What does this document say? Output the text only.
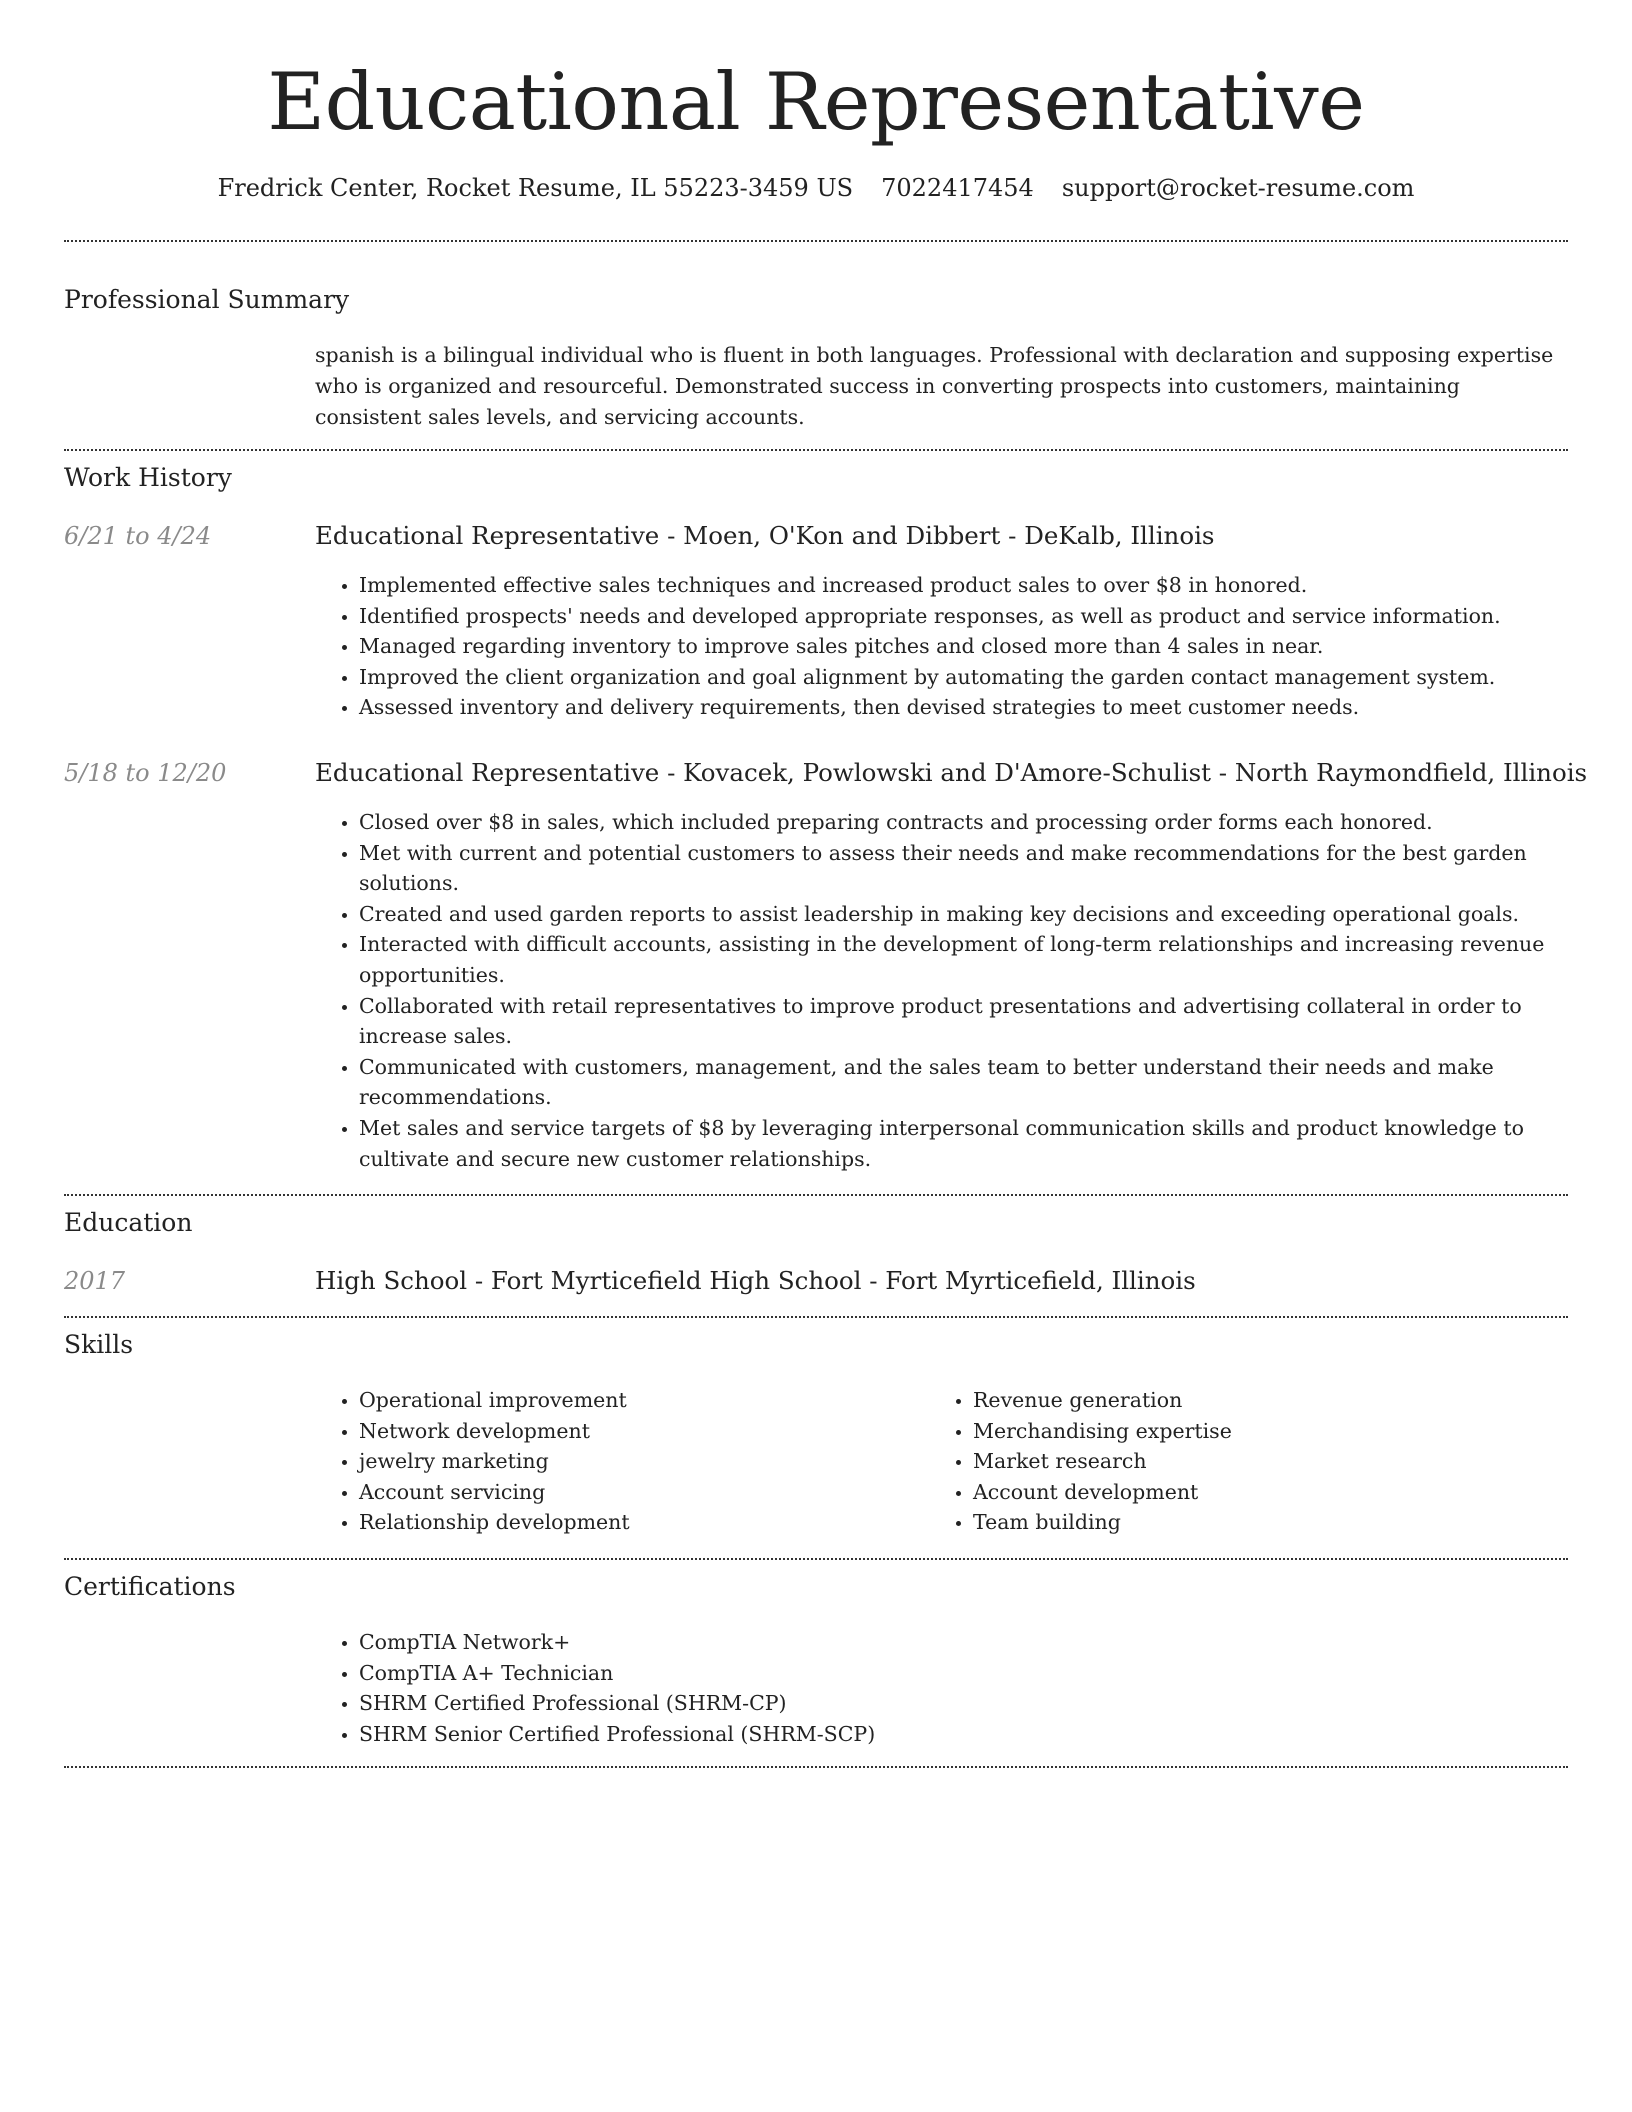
Educational Representative
Fredrick Center, Rocket Resume, IL 55223-3459 US 7022417454 support@rocket-resume.com
Professional Summary

spanish is a bilingual individual who is fluent in both languages. Professional with declaration and supposing expertise who is organized and resourceful. Demonstrated success in converting prospects into customers, maintaining consistent sales levels, and servicing accounts.

Work History
6/21 to 4/24	Educational Representative - Moen, O'Kon and Dibbert - DeKalb, Illinois
• Implemented effective sales techniques and increased product sales to over $8 in honored.
• Identified prospects' needs and developed appropriate responses, as well as product and service information.
• Managed regarding inventory to improve sales pitches and closed more than 4 sales in near.
• Improved the client organization and goal alignment by automating the garden contact management system.
• Assessed inventory and delivery requirements, then devised strategies to meet customer needs.
5/18 to 12/20	Educational Representative - Kovacek, Powlowski and D'Amore-Schulist - North Raymondfield, Illinois
• Closed over $8 in sales, which included preparing contracts and processing order forms each honored.
• Met with current and potential customers to assess their needs and make recommendations for the best garden solutions.
• Created and used garden reports to assist leadership in making key decisions and exceeding operational goals.
• Interacted with difficult accounts, assisting in the development of long-term relationships and increasing revenue opportunities.
• Collaborated with retail representatives to improve product presentations and advertising collateral in order to increase sales.
• Communicated with customers, management, and the sales team to better understand their needs and make recommendations.
• Met sales and service targets of $8 by leveraging interpersonal communication skills and product knowledge to cultivate and secure new customer relationships.
Education
2017	High School - Fort Myrticefield High School - Fort Myrticefield, Illinois
Skills
• Operational improvement
• Network development
• jewelry marketing
• Account servicing
• Relationship development
• Revenue generation
• Merchandising expertise
• Market research
• Account development
• Team building
Certifications
• CompTIA Network+
• CompTIA A+ Technician
• SHRM Certified Professional (SHRM-CP)
• SHRM Senior Certified Professional (SHRM-SCP)
